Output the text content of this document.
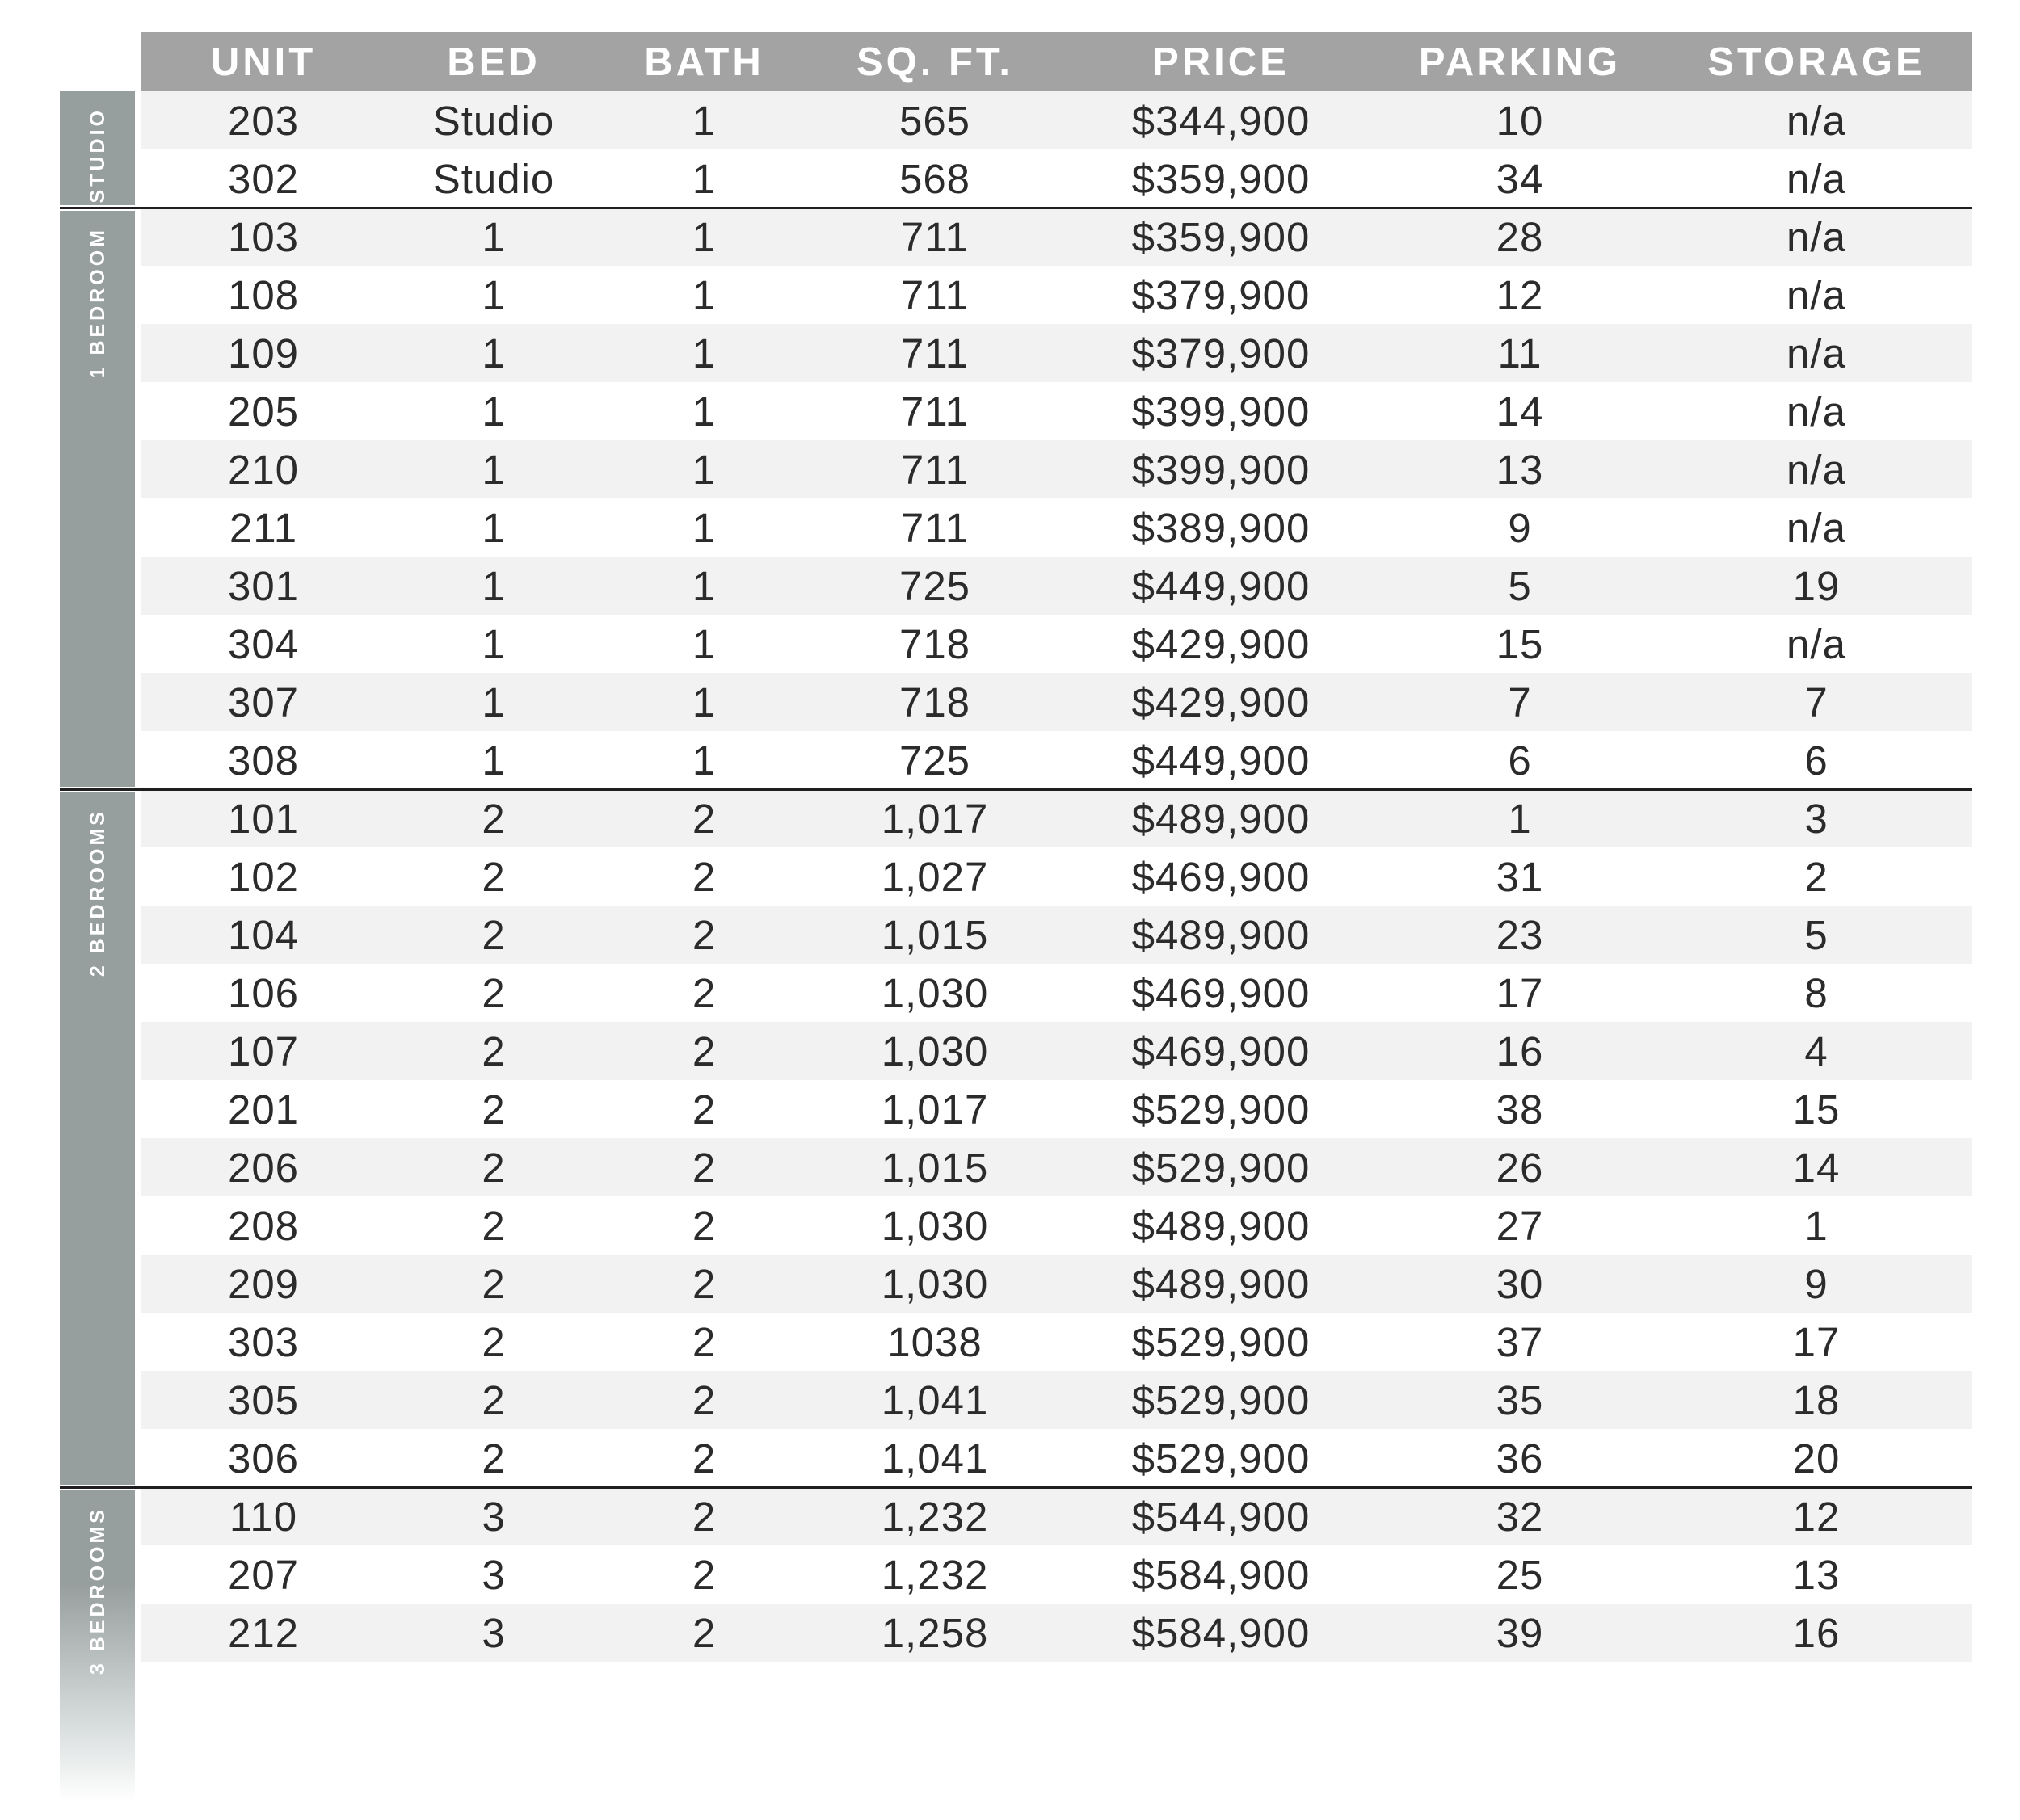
UNIT	BED	BATH	SQ. FT.	PRICE	PARKING	STORAGE
203	Studio	1	565	$344,900	10	n/a
302	Studio	1	568	$359,900	34	n/a
103	1	1	711	$359,900	28	n/a
108	1	1	711	$379,900	12	n/a
109	1	1	711	$379,900	11	n/a
205	1	1	711	$399,900	14	n/a
210	1	1	711	$399,900	13	n/a
211	1	1	711	$389,900	9	n/a
301	1	1	725	$449,900	5	19
304	1	1	718	$429,900	15	n/a
307	1	1	718	$429,900	7	7
308	1	1	725	$449,900	6	6
101	2	2	1,017	$489,900	1	3
102	2	2	1,027	$469,900	31	2
104	2	2	1,015	$489,900	23	5
106	2	2	1,030	$469,900	17	8
107	2	2	1,030	$469,900	16	4
201	2	2	1,017	$529,900	38	15
206	2	2	1,015	$529,900	26	14
208	2	2	1,030	$489,900	27	1
209	2	2	1,030	$489,900	30	9
303	2	2	1038	$529,900	37	17
305	2	2	1,041	$529,900	35	18
306	2	2	1,041	$529,900	36	20
110	3	2	1,232	$544,900	32	12
207	3	2	1,232	$584,900	25	13
212	3	2	1,258	$584,900	39	16
STUDIO
1 BEDROOM
2 BEDROOMS
3 BEDROOMS
